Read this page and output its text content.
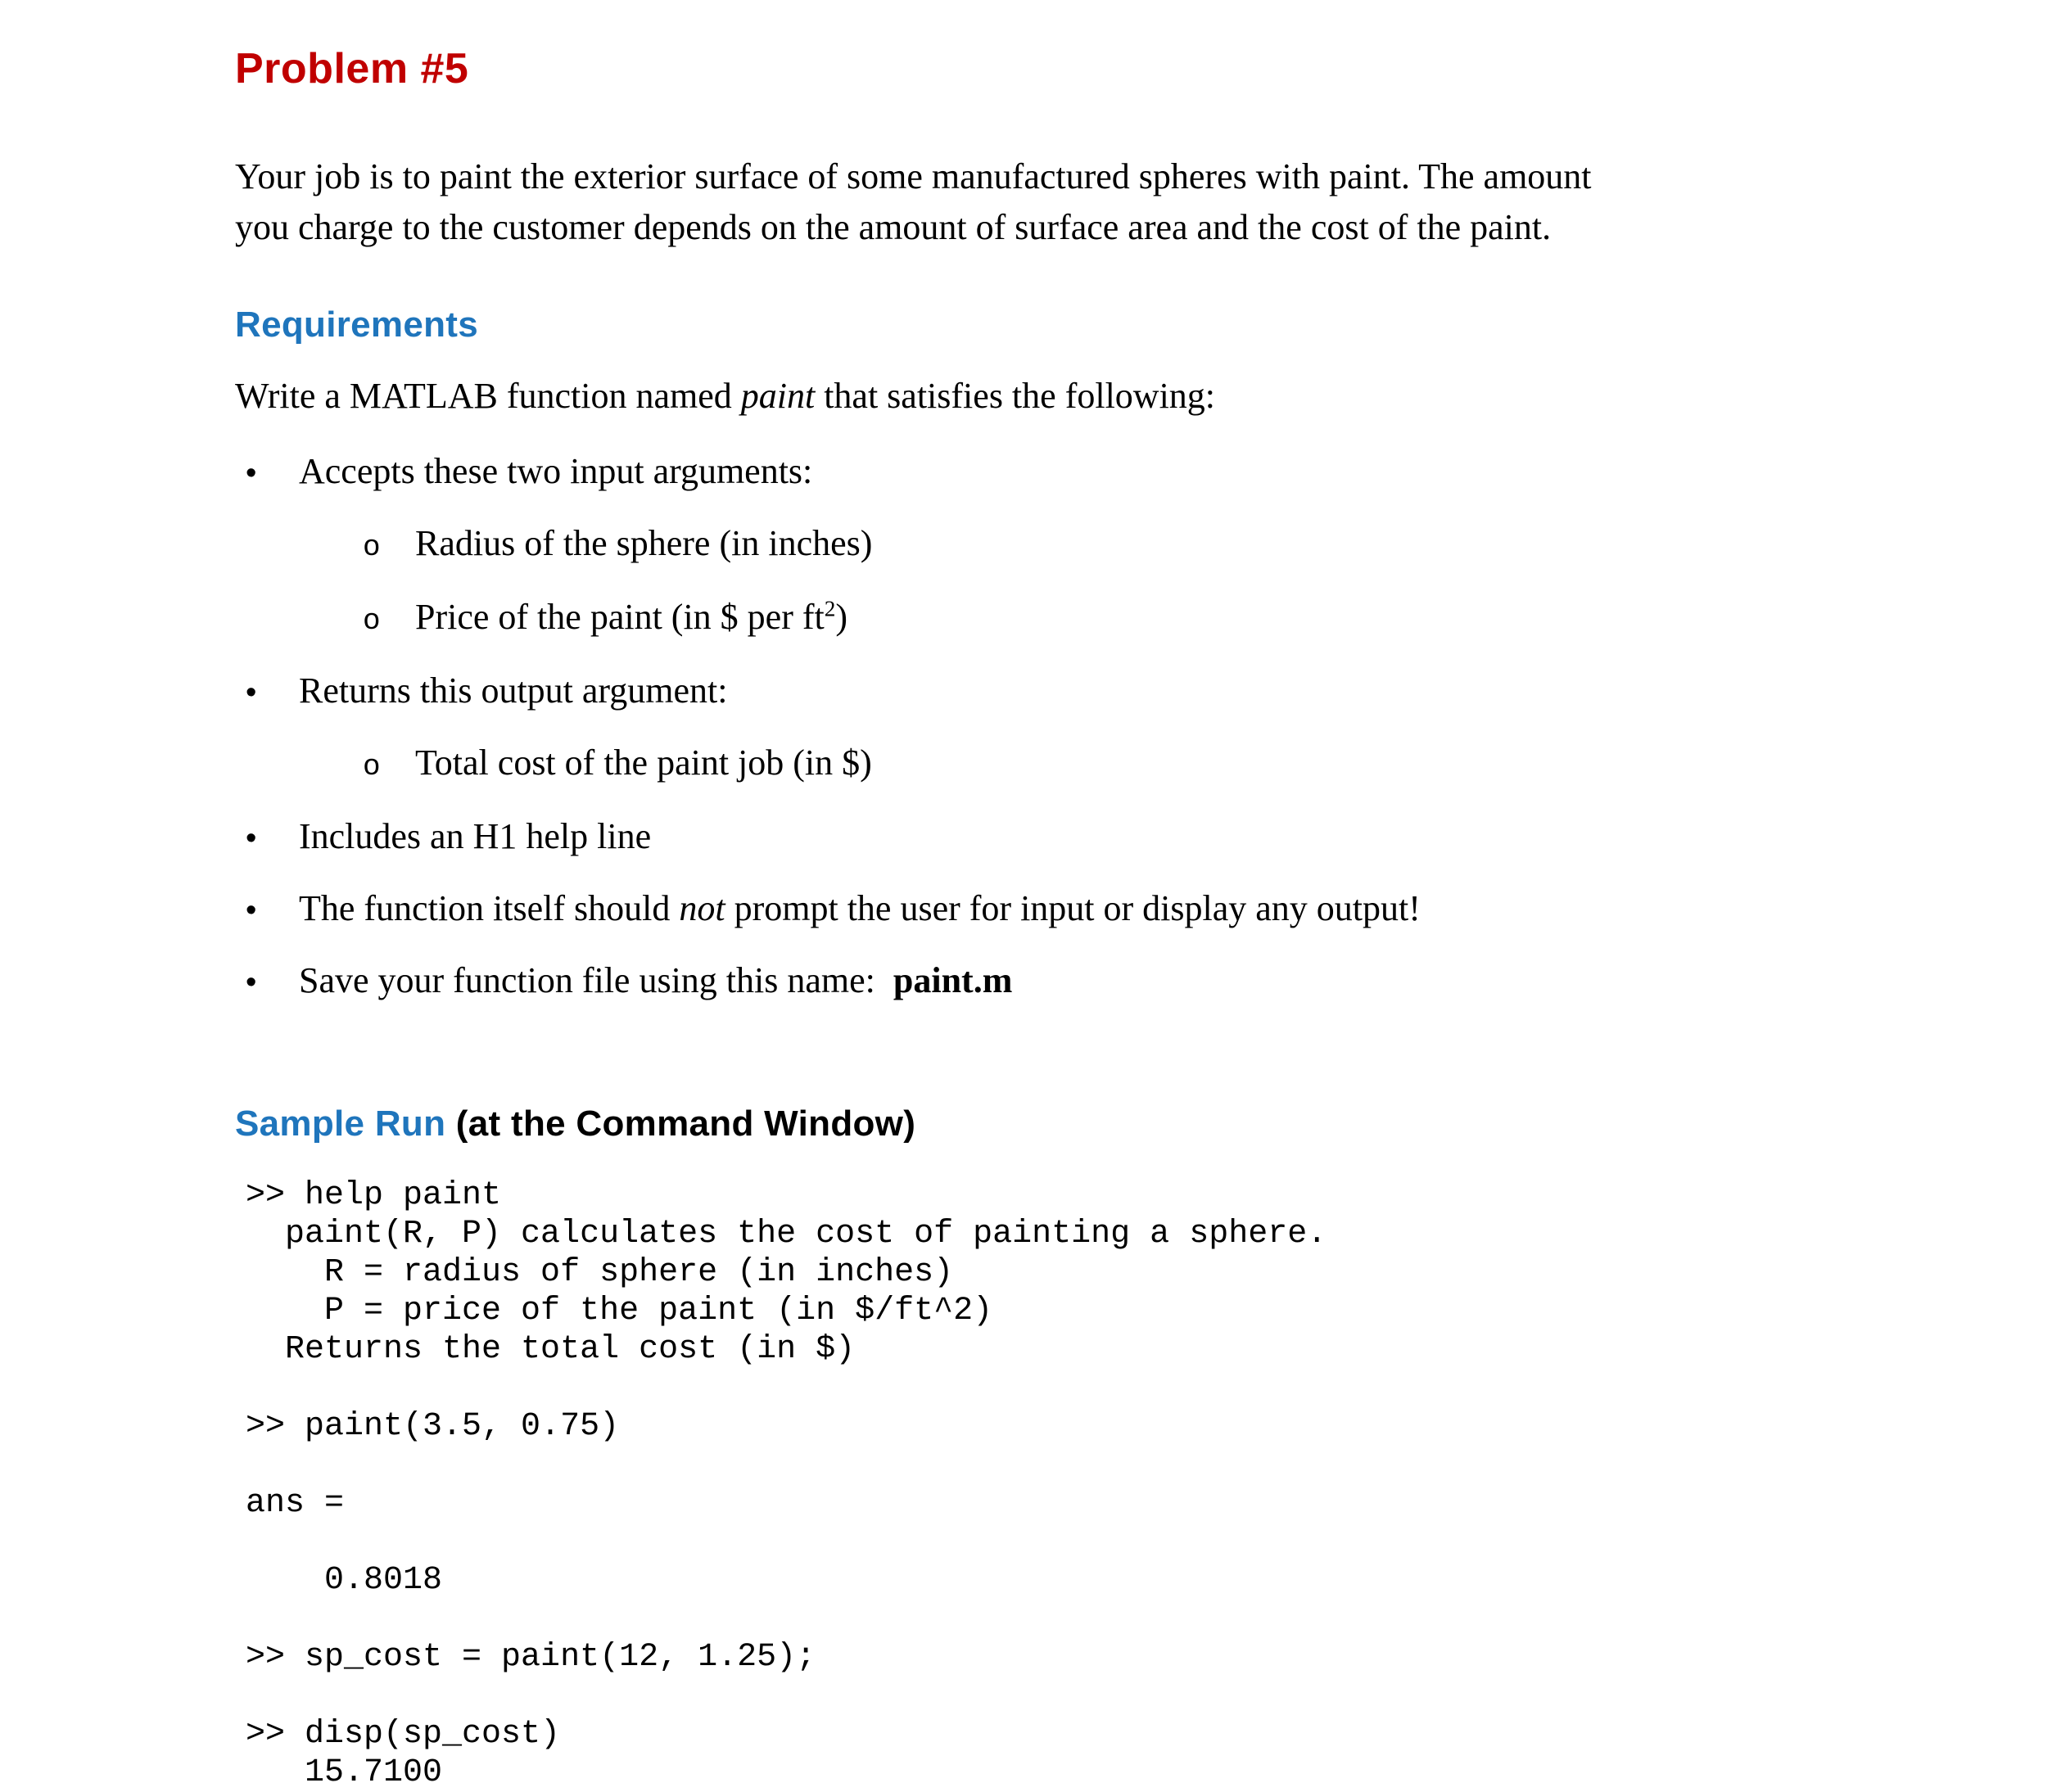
Problem #5
Your job is to paint the exterior surface of some manufactured spheres with paint. The amount
you charge to the customer depends on the amount of surface area and the cost of the paint.
Requirements
Write a MATLAB function named paint that satisfies the following:
•	Accepts these two input arguments:
o Radius of the sphere (in inches)
o Price of the paint (in $ per $ft^2$)
•	Returns this output argument:
o Total cost of the paint job (in $)
•	Includes an H1 help line
•	The function itself should not prompt the user for input or display any output!
•	Save your function file using this name:  paint.m
Sample Run (at the Command Window)
>> help paint
paint(R, P) calculates the cost of painting a sphere.
R = radius of sphere (in inches)
P = price of the paint (in $/ft^2)
Returns the total cost (in $)

>> paint(3.5, 0.75)

ans =

0.8018

>> sp_cost = paint(12, 1.25);

>> disp(sp_cost)
15.7100
